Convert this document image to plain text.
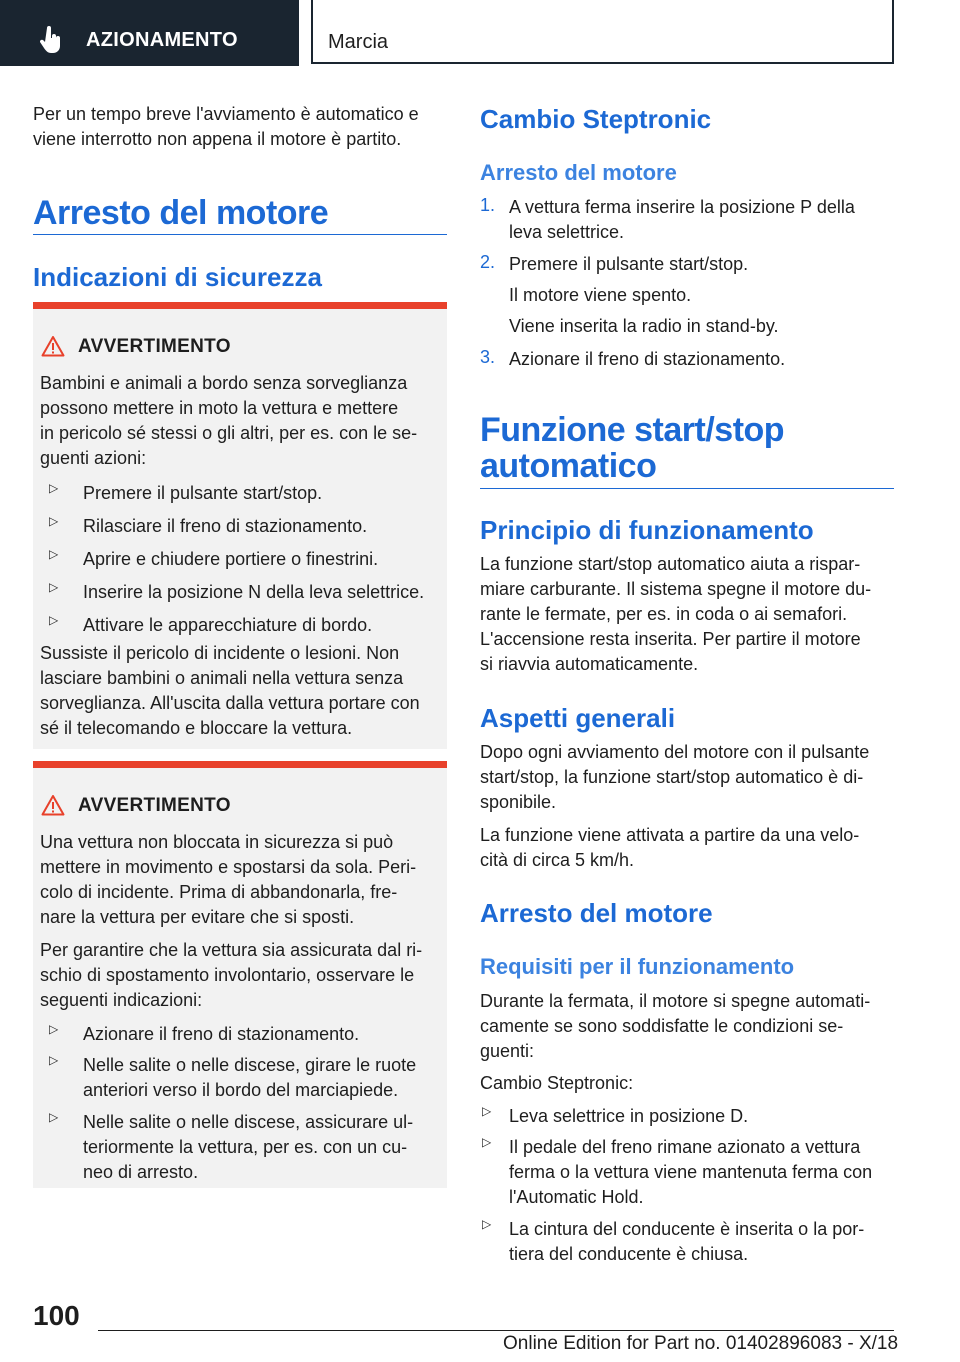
AZIONAMENTO	Marcia

Per un tempo breve l'avviamento è automatico e

viene interrotto non appena il motore è partito.

Arresto del motore
Indicazioni di sicurezza
AVVERTIMENTO

Bambini e animali a bordo senza sorveglianza

possono mettere in moto la vettura e mettere

in pericolo sé stessi o gli altri, per es. con le se-

guenti azioni:

▷ Premere il pulsante start/stop.

▷ Rilasciare il freno di stazionamento.

▷ Aprire e chiudere portiere o finestrini.

▷ Inserire la posizione N della leva selettrice.

▷ Attivare le apparecchiature di bordo.

Sussiste il pericolo di incidente o lesioni. Non

lasciare bambini o animali nella vettura senza

sorveglianza. All'uscita dalla vettura portare con

sé il telecomando e bloccare la vettura.

AVVERTIMENTO

Una vettura non bloccata in sicurezza si può

mettere in movimento e spostarsi da sola. Peri-

colo di incidente. Prima di abbandonarla, fre-

nare la vettura per evitare che si sposti.

Per garantire che la vettura sia assicurata dal ri-

schio di spostamento involontario, osservare le

seguenti indicazioni:

▷ Azionare il freno di stazionamento.

▷ Nelle salite o nelle discese, girare le ruote

anteriori verso il bordo del marciapiede.

▷ Nelle salite o nelle discese, assicurare ul-

teriormente la vettura, per es. con un cu-

neo di arresto.

Cambio Steptronic
Arresto del motore
1. A vettura ferma inserire la posizione P della

leva selettrice.

2. Premere il pulsante start/stop.

Il motore viene spento.

Viene inserita la radio in stand-by.

3. Azionare il freno di stazionamento.

Funzione start/stop
automatico
Principio di funzionamento

La funzione start/stop automatico aiuta a rispar-

miare carburante. Il sistema spegne il motore du-

rante le fermate, per es. in coda o ai semafori.

L'accensione resta inserita. Per partire il motore

si riavvia automaticamente.

Aspetti generali

Dopo ogni avviamento del motore con il pulsante

start/stop, la funzione start/stop automatico è di-

sponibile.

La funzione viene attivata a partire da una velo-

cità di circa 5 km/h.

Arresto del motore
Requisiti per il funzionamento

Durante la fermata, il motore si spegne automati-

camente se sono soddisfatte le condizioni se-

guenti:

Cambio Steptronic:

▷ Leva selettrice in posizione D.

▷ Il pedale del freno rimane azionato a vettura

ferma o la vettura viene mantenuta ferma con

l'Automatic Hold.

▷ La cintura del conducente è inserita o la por-

tiera del conducente è chiusa.

100
Online Edition for Part no. 01402896083 - X/18
